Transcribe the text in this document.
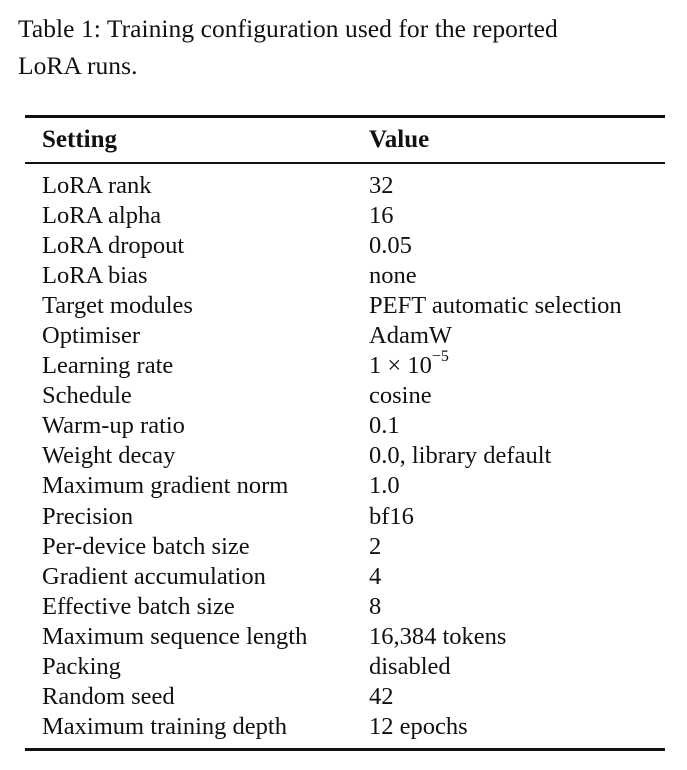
Table 1: Training configuration used for the reported
LoRA runs.
Setting	Value
LoRA rank	32
LoRA alpha	16
LoRA dropout	0.05
LoRA bias	none
Target modules	PEFT automatic selection
Optimiser	AdamW
Learning rate	$1 \times 10^{-5}$
Schedule	cosine
Warm-up ratio	0.1
Weight decay	0.0, library default
Maximum gradient norm	1.0
Precision	bf16
Per-device batch size	2
Gradient accumulation	4
Effective batch size	8
Maximum sequence length	16,384 tokens
Packing	disabled
Random seed	42
Maximum training depth	12 epochs
